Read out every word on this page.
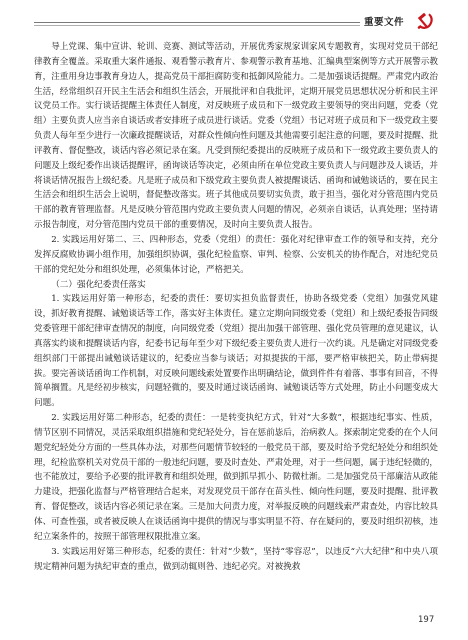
重要文件

导上党课、集中宣讲、轮训、竞赛、测试等活动，开展优秀家规家训家风专题教育，实现对党员干部纪律教育全覆盖。采取重大案件通报、观看警示教育片、参观警示教育基地、汇编典型案例等方式开展警示教育，注重用身边事教育身边人，提高党员干部拒腐防变和抵御风险能力。二是加强谈话提醒。严肃党内政治生活，经常组织召开民主生活会和组织生活会，开展批评和自我批评，定期开展党员思想状况分析和民主评议党员工作。实行谈话提醒主体责任人制度，对反映班子成员和下一级党政主要领导的突出问题，党委（党组）主要负责人应当亲自谈话或者安排班子成员进行谈话。党委（党组）书记对班子成员和下一级党政主要负责人每年至少进行一次廉政提醒谈话，对群众性倾向性问题及其他需要引起注意的问题，要及时提醒、批评教育、督促整改，谈话内容必须记录在案。凡受到预纪委提出的反映班子成员和下一级党政主要负责人的问题及上级纪委作出谈话提醒评，函询谈话等决定，必须由所在单位党政主要负责人与问题涉及人谈话，并将谈话情况报告上级纪委。凡是班子成员和下级党政主要负责人被提醒谈话、函询和诫勉谈话的，要在民主生活会和组织生活会上说明，督促整改落实。班子其他成员要切实负责，敢于担当，强化对分管范围内党员干部的教育管理监督。凡是反映分管范围内党政主要负责人问题的情况，必须亲自谈话，认真处理；坚持请示报告制度，对分管范围内党员干部的重要情况，及时向主要负责人报告。

2. 实践运用好第二、三、四种形态，党委（党组）的责任：强化对纪律审查工作的领导和支持，充分发挥反腐败协调小组作用，加强组织协调，强化纪检监察、审判、检察、公安机关的协作配合，对违纪党员干部的党纪处分和组织处理，必须集体讨论，严格把关。

（二）强化纪委责任落实

1. 实践运用好第一种形态，纪委的责任：要切实担负监督责任，协助各级党委（党组）加强党风建设，抓好教育提醒、诫勉谈话等工作，落实好主体责任。建立定期向同级党委（党组）和上级纪委报告同级党委管理干部纪律审查情况的制度，向同级党委（党组）提出加强干部管理、强化党员管理的意见建议，认真落实约谈和提醒谈话内容，纪委书记每年至少对下级纪委主要负责人进行一次约谈。凡是确定对同级党委组织部门干部提出诫勉谈话建议的，纪委应当参与谈话；对拟提拔的干部，要严格审核把关，防止带病提拔。要完善谈话函询工作机制，对反映问题线索处置要作出明确结论，做到件件有着落、事事有回音，不得简单搁置。凡是经初步核实，问题轻微的，要及时通过谈话函询、诫勉谈话等方式处理，防止小问题变成大问题。

2. 实践运用好第二种形态，纪委的责任：一是转变执纪方式，针对“大多数”，根据违纪事实、性质，情节区别不同情况，灵活采取组织措施和党纪轻处分，旨在惩前毖后，治病救人。探索制定党委的在个人问题党纪轻处分方面的一些具体办法，对那些问题情节较轻的一般党员干部，要及时给予党纪轻处分和组织处理，纪检监察机关对党员干部的一般违纪问题，要及时查处、严肃处理，对于一些问题，属于违纪轻微的，也不能放过，要给予必要的批评教育和组织处理，做到抓早抓小、防微杜渐。二是加强党员干部廉洁从政能力建设，把强化监督与严格管理结合起来，对发现党员干部存在苗头性、倾向性问题，要及时提醒、批评教育、督促整改，谈话内容必须记录在案。三是加大问责力度，对举报反映的问题线索严肃查处，内容比较具体、可查性强，或者被反映人在谈话函询中提供的情况与事实明显不符、存在疑问的，要及时组织初核，违纪立案条件的，按照干部管理权限批准立案。

3. 实践运用好第三种形态，纪委的责任：针对“少数”，坚持“零容忍”，以违反“六大纪律”和中央八项规定精神问题为执纪审查的重点，做到动辄则咎、违纪必究。对被挽救

197
